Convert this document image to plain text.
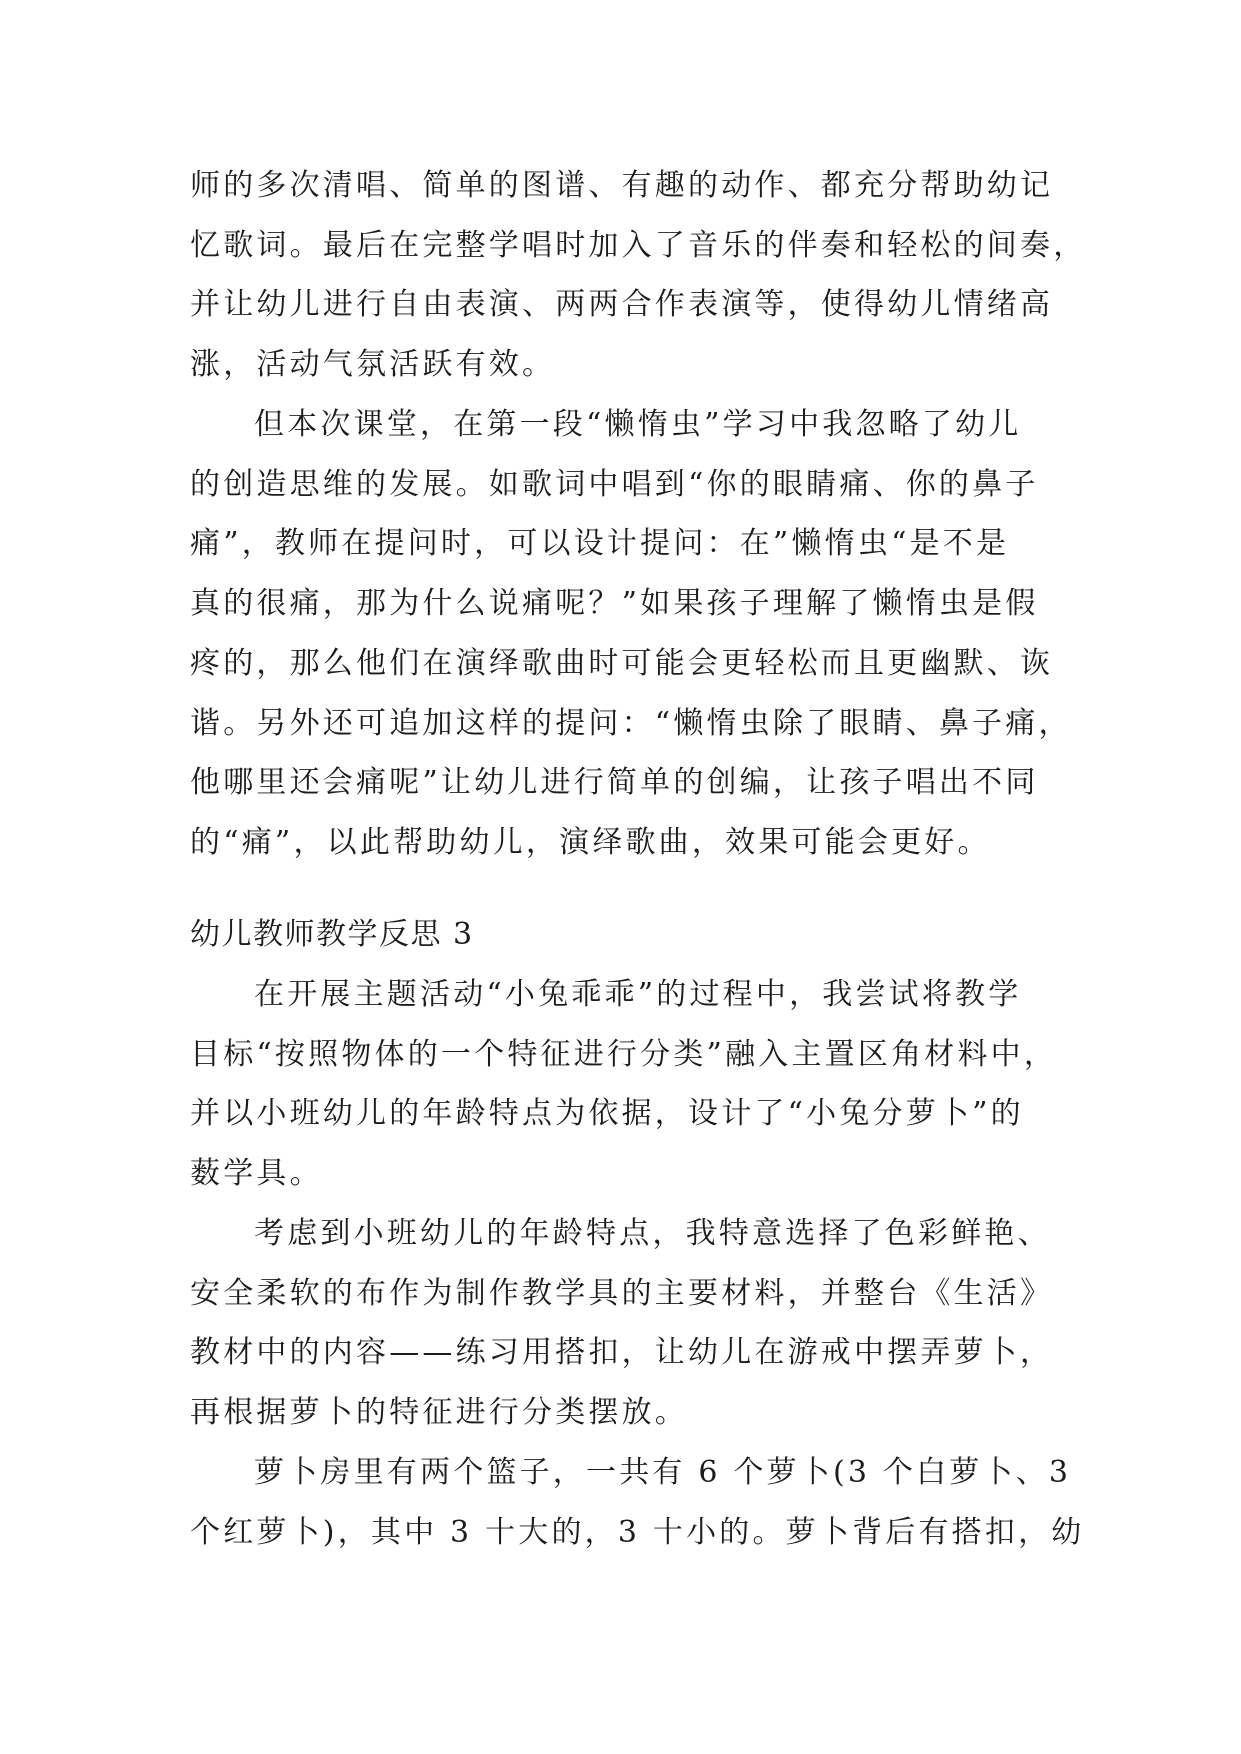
师的多次清唱、简单的图谱、有趣的动作、都充分帮助幼记
忆歌词。最后在完整学唱时加入了音乐的伴奏和轻松的间奏，
并让幼儿进行自由表演、两两合作表演等，使得幼儿情绪高
涨，活动气氛活跃有效。
但本次课堂，在第一段“懒惰虫”学习中我忽略了幼儿
的创造思维的发展。如歌词中唱到“你的眼睛痛、你的鼻子
痛”，教师在提问时，可以设计提问：在”懒惰虫“是不是
真的很痛，那为什么说痛呢？”如果孩子理解了懒惰虫是假
疼的，那么他们在演绎歌曲时可能会更轻松而且更幽默、诙
谐。另外还可追加这样的提问：“懒惰虫除了眼睛、鼻子痛，
他哪里还会痛呢”让幼儿进行简单的创编，让孩子唱出不同
的“痛”，以此帮助幼儿，演绎歌曲，效果可能会更好。
幼儿教师教学反思 3
在开展主题活动“小兔乖乖”的过程中，我尝试将教学
目标“按照物体的一个特征进行分类”融入主置区角材料中，
并以小班幼儿的年龄特点为依据，设计了“小兔分萝卜”的
薮学具。
考虑到小班幼儿的年龄特点，我特意选择了色彩鲜艳、
安全柔软的布作为制作教学具的主要材料，并整台《生活》
教材中的内容——练习用搭扣，让幼儿在游戒中摆弄萝卜，
再根据萝卜的特征进行分类摆放。
萝卜房里有两个篮子，一共有 6 个萝卜(3 个白萝卜、3
个红萝卜)，其中 3 十大的，3 十小的。萝卜背后有搭扣，幼
